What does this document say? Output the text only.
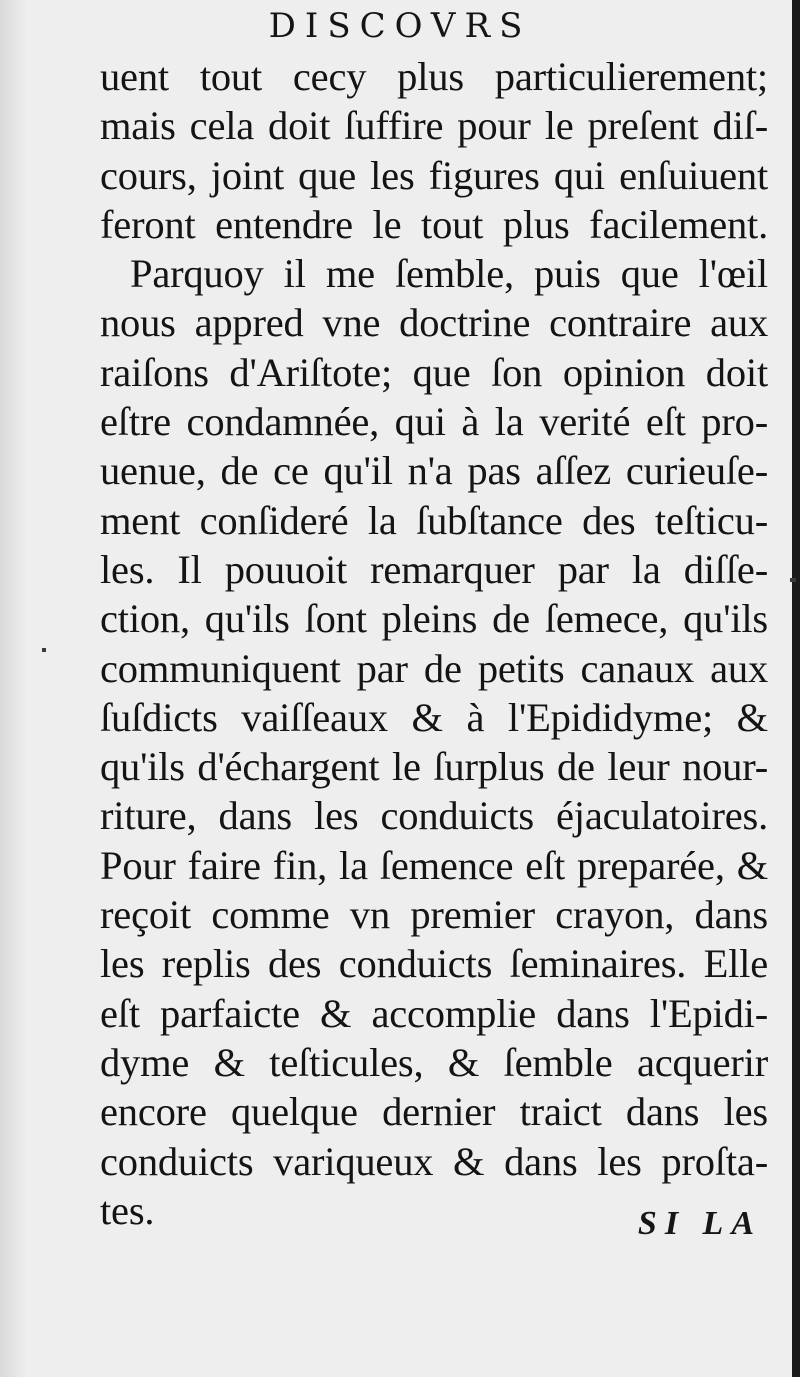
DISCOVRS
uent tout cecy plus particulierement;
mais cela doit ſuffire pour le preſent diſ-
cours, joint que les figures qui enſuiuent
feront entendre le tout plus facilement.
Parquoy il me ſemble, puis que l'œil
nous appred vne doctrine contraire aux
raiſons d'Ariſtote; que ſon opinion doit
eſtre condamnée, qui à la verité eſt pro-
uenue, de ce qu'il n'a pas aſſez curieuſe-
ment conſideré la ſubſtance des teſticu-
les. Il pouuoit remarquer par la diſſe-
ction, qu'ils ſont pleins de ſemece, qu'ils
communiquent par de petits canaux aux
ſuſdicts vaiſſeaux & à l'Epididyme; &
qu'ils d'échargent le ſurplus de leur nour-
riture, dans les conduicts éjaculatoires.
Pour faire fin, la ſemence eſt preparée, &
reçoit comme vn premier crayon, dans
les replis des conduicts ſeminaires. Elle
eſt parfaicte & accomplie dans l'Epidi-
dyme & teſticules, & ſemble acquerir
encore quelque dernier traict dans les
conduicts variqueux & dans les proſta-
tes.	SI LA
